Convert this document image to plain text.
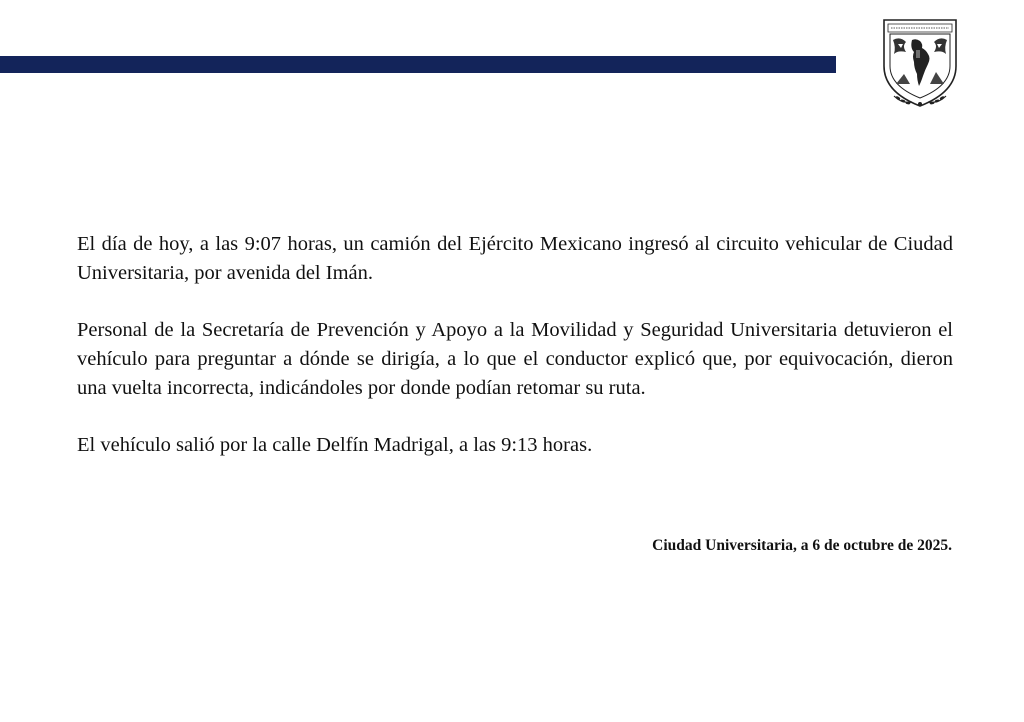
El día de hoy, a las 9:07 horas, un camión del Ejército Mexicano ingresó al circuito vehicular de Ciudad Universitaria, por avenida del Imán.

Personal de la Secretaría de Prevención y Apoyo a la Movilidad y Seguridad Universitaria detuvieron el vehículo para preguntar a dónde se dirigía, a lo que el conductor explicó que, por equivocación, dieron una vuelta incorrecta, indicándoles por donde podían retomar su ruta.

El vehículo salió por la calle Delfín Madrigal, a las 9:13 horas.

Ciudad Universitaria, a 6 de octubre de 2025.
